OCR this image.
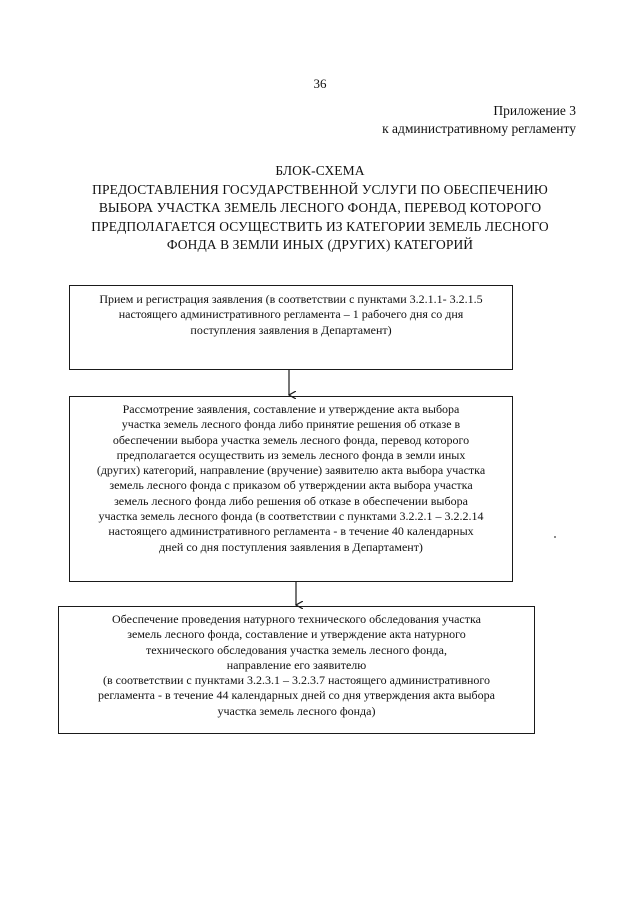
36
Приложение 3
к административному регламенту
БЛОК-СХЕМА
ПРЕДОСТАВЛЕНИЯ ГОСУДАРСТВЕННОЙ УСЛУГИ ПО ОБЕСПЕЧЕНИЮ
ВЫБОРА УЧАСТКА ЗЕМЕЛЬ ЛЕСНОГО ФОНДА, ПЕРЕВОД КОТОРОГО
ПРЕДПОЛАГАЕТСЯ ОСУЩЕСТВИТЬ ИЗ КАТЕГОРИИ ЗЕМЕЛЬ ЛЕСНОГО
ФОНДА В ЗЕМЛИ ИНЫХ (ДРУГИХ) КАТЕГОРИЙ
Прием и регистрация заявления (в соответствии с пунктами 3.2.1.1- 3.2.1.5
настоящего административного регламента – 1 рабочего дня со дня
поступления заявления в Департамент)
Рассмотрение заявления, составление и утверждение акта выбора
участка земель лесного фонда либо принятие решения об отказе в
обеспечении выбора участка земель лесного фонда, перевод которого
предполагается осуществить из земель лесного фонда в земли иных
(других) категорий, направление (вручение) заявителю акта выбора участка
земель лесного фонда с приказом об утверждении акта выбора участка
земель лесного фонда либо решения об отказе в обеспечении выбора
участка земель лесного фонда (в соответствии с пунктами 3.2.2.1 – 3.2.2.14
настоящего административного регламента - в течение 40 календарных
дней со дня поступления заявления в Департамент)
Обеспечение проведения натурного технического обследования участка
земель лесного фонда, составление и утверждение акта натурного
технического обследования участка земель лесного фонда,
направление его заявителю
(в соответствии с пунктами 3.2.3.1 – 3.2.3.7 настоящего административного
регламента - в течение 44 календарных дней со дня утверждения акта выбора
участка земель лесного фонда)
